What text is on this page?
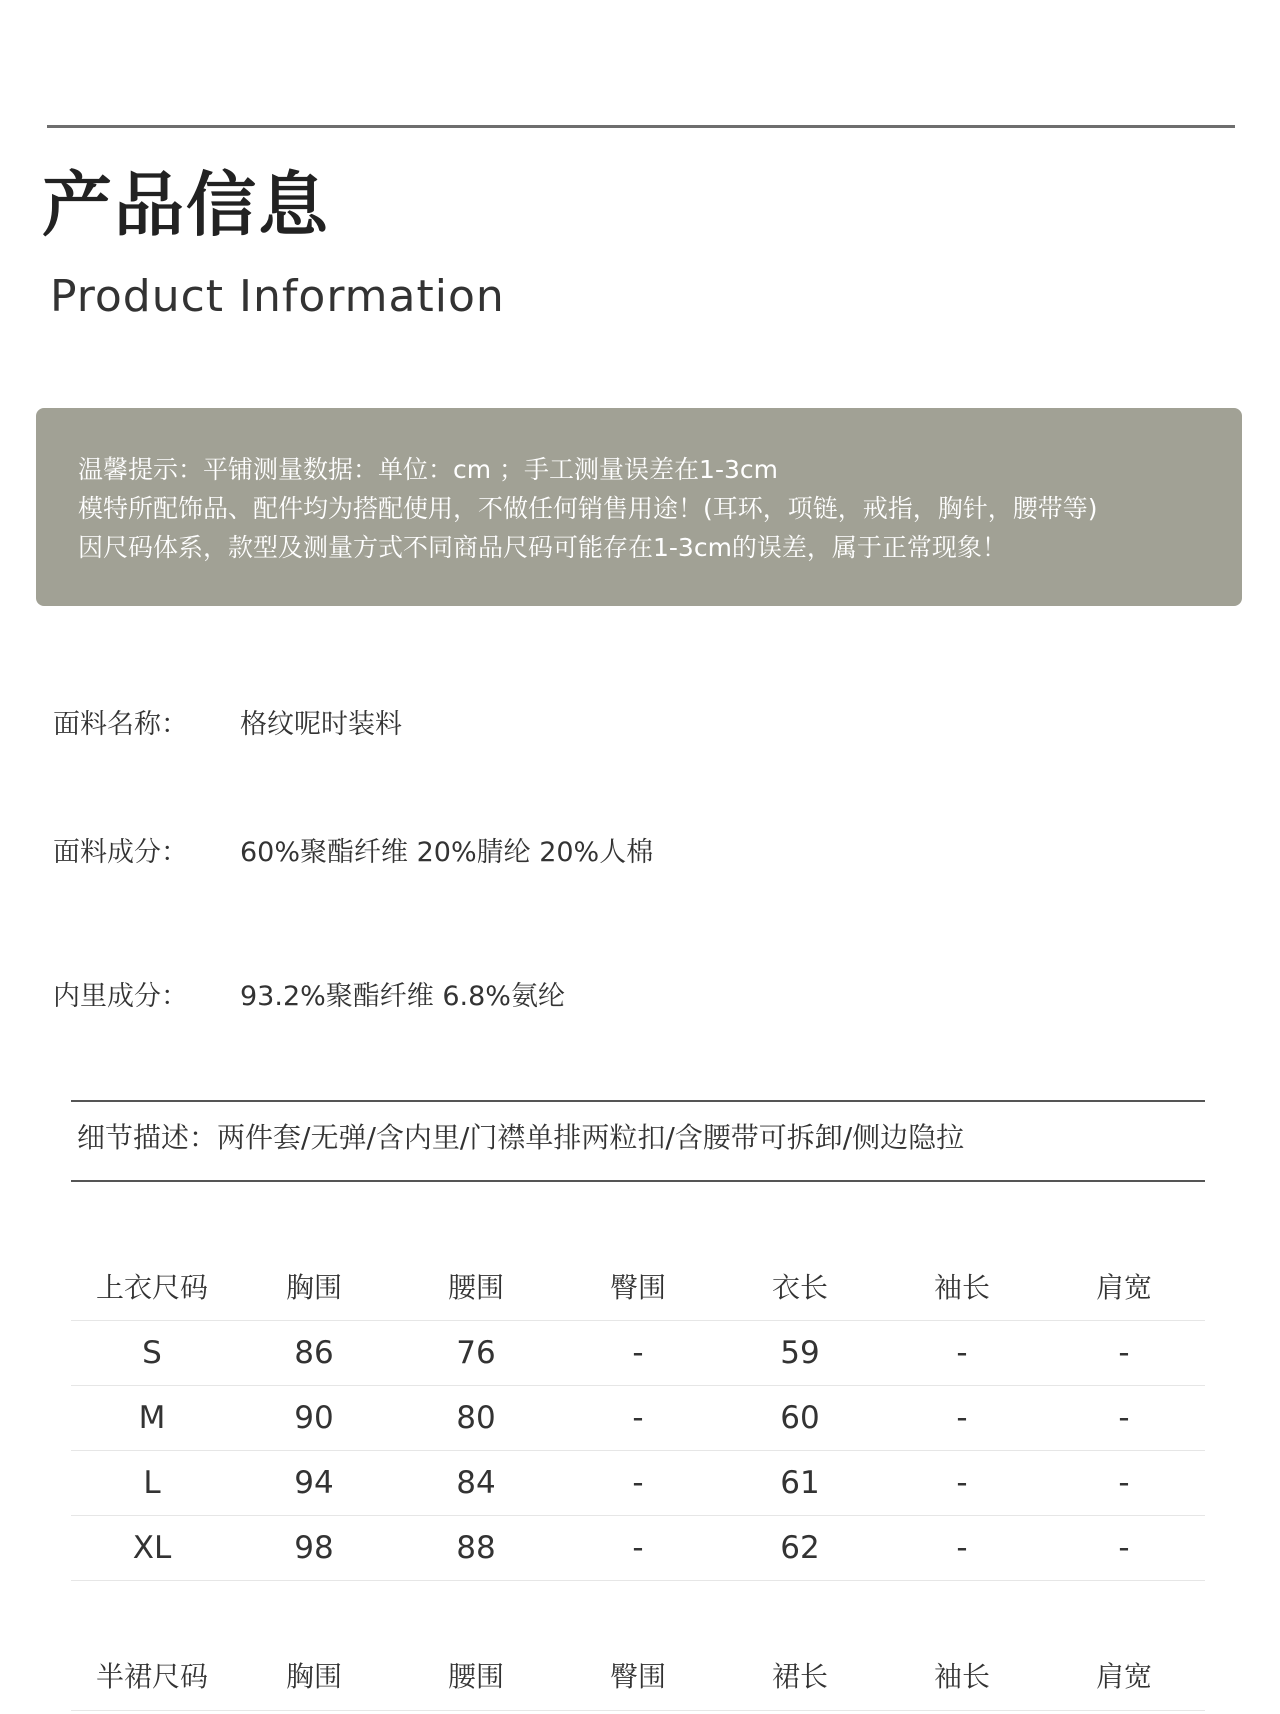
产品信息
Product Information
温馨提示：平铺测量数据：单位：cm ；手工测量误差在1-3cm
模特所配饰品、配件均为搭配使用，不做任何销售用途！(耳环，项链，戒指，胸针，腰带等)
因尺码体系，款型及测量方式不同商品尺码可能存在1-3cm的误差，属于正常现象！
面料名称： 格纹呢时装料
面料成分： 60%聚酯纤维 20%腈纶 20%人棉
内里成分： 93.2%聚酯纤维 6.8%氨纶
细节描述：两件套/无弹/含内里/门襟单排两粒扣/含腰带可拆卸/侧边隐拉
上衣尺码	胸围	腰围	臀围	衣长	袖长	肩宽
S	86	76	-	59	-	-
M	90	80	-	60	-	-
L	94	84	-	61	-	-
XL	98	88	-	62	-	-
半裙尺码	胸围	腰围	臀围	裙长	袖长	肩宽
